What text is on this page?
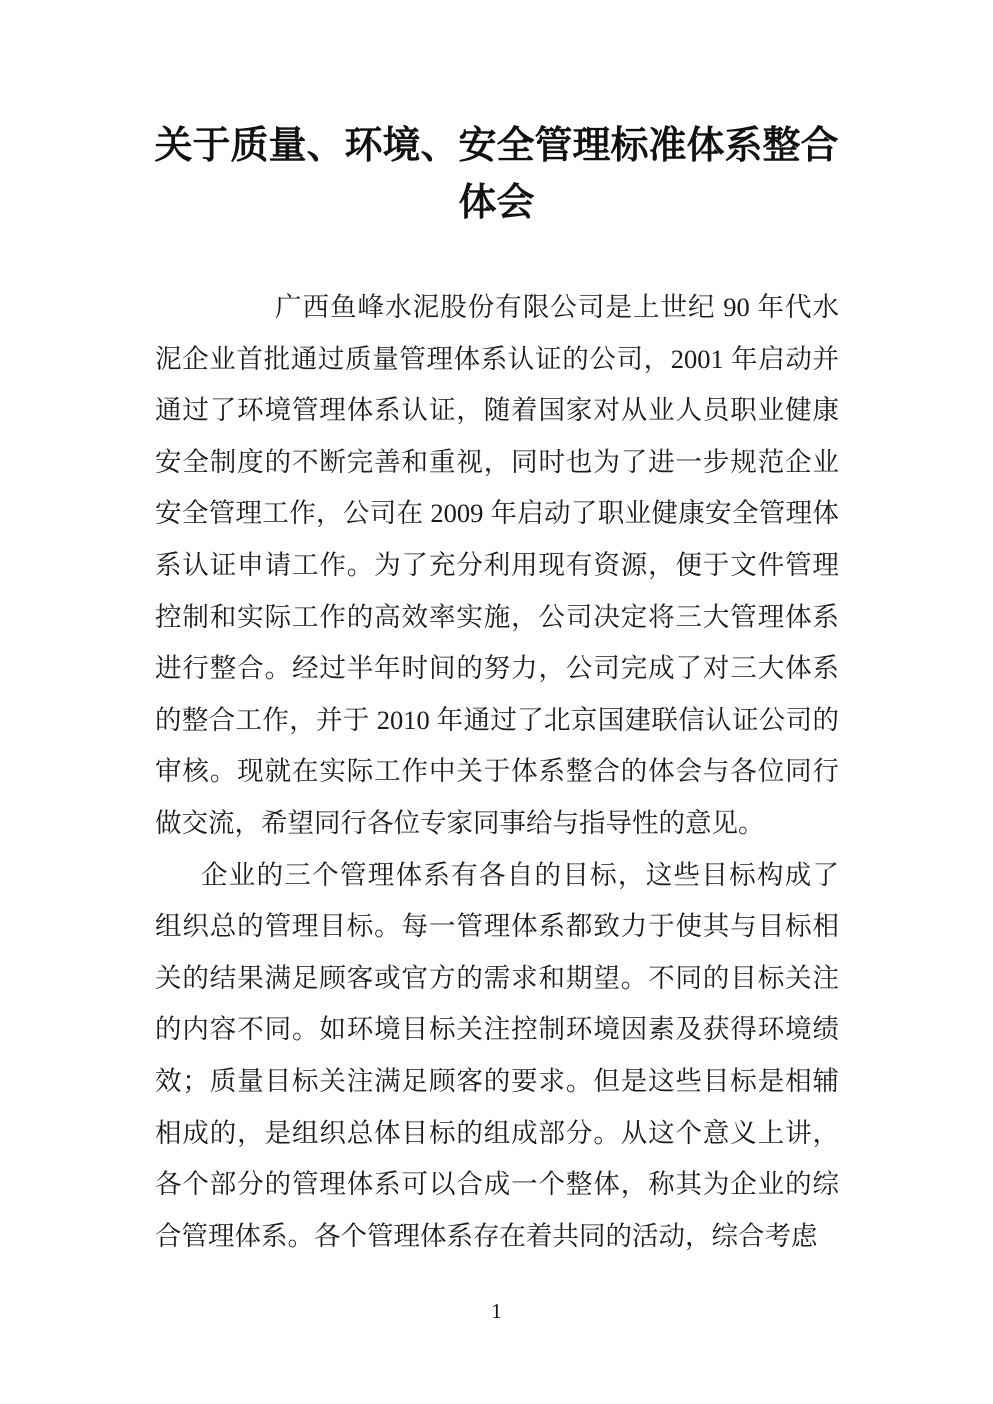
关于质量、环境、安全管理标准体系整合
体会
广西鱼峰水泥股份有限公司是上世纪 90 年代水
泥企业首批通过质量管理体系认证的公司，2001 年启动并
通过了环境管理体系认证，随着国家对从业人员职业健康
安全制度的不断完善和重视，同时也为了进一步规范企业
安全管理工作，公司在 2009 年启动了职业健康安全管理体
系认证申请工作。为了充分利用现有资源，便于文件管理
控制和实际工作的高效率实施，公司决定将三大管理体系
进行整合。经过半年时间的努力，公司完成了对三大体系
的整合工作，并于 2010 年通过了北京国建联信认证公司的
审核。现就在实际工作中关于体系整合的体会与各位同行
做交流，希望同行各位专家同事给与指导性的意见。
企业的三个管理体系有各自的目标，这些目标构成了
组织总的管理目标。每一管理体系都致力于使其与目标相
关的结果满足顾客或官方的需求和期望。不同的目标关注
的内容不同。如环境目标关注控制环境因素及获得环境绩
效；质量目标关注满足顾客的要求。但是这些目标是相辅
相成的，是组织总体目标的组成部分。从这个意义上讲，
各个部分的管理体系可以合成一个整体，称其为企业的综
合管理体系。各个管理体系存在着共同的活动，综合考虑
1
